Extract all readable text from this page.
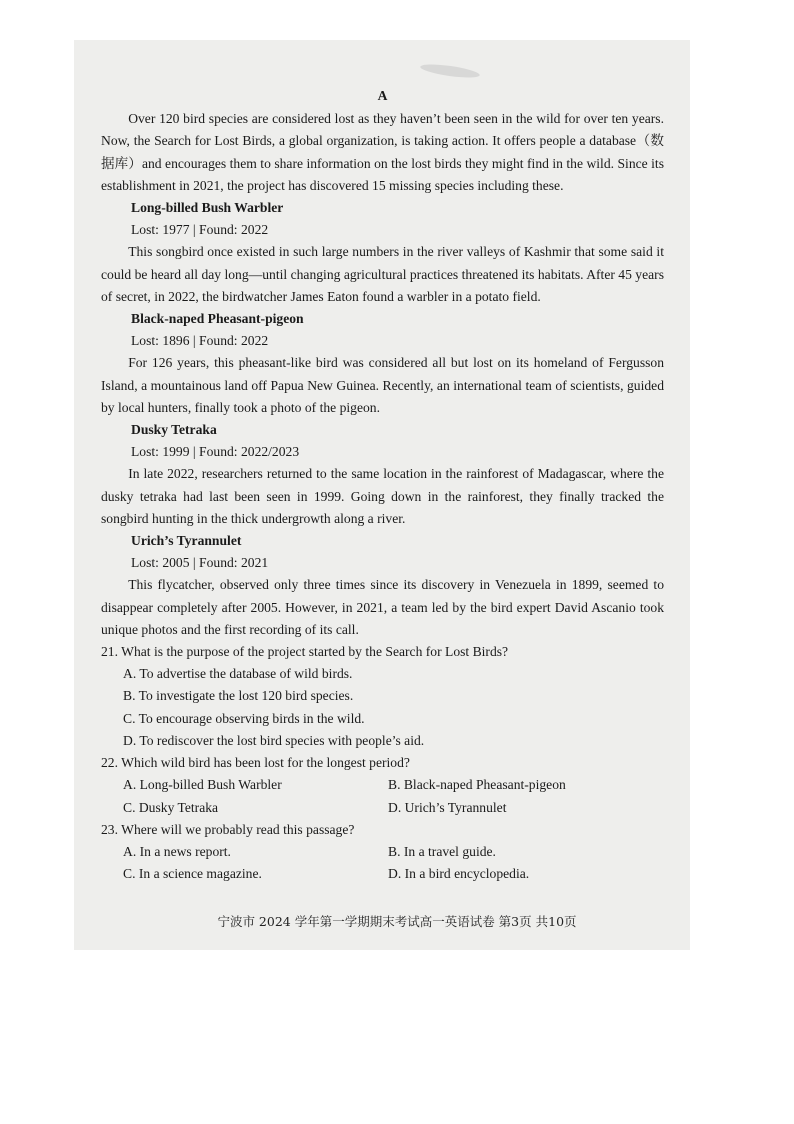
A

Over 120 bird species are considered lost as they haven’t been seen in the wild for over ten years. Now, the Search for Lost Birds, a global organization, is taking action. It offers people a database（数据库）and encourages them to share information on the lost birds they might find in the wild. Since its establishment in 2021, the project has discovered 15 missing species including these.

Long-billed Bush Warbler

Lost: 1977 | Found: 2022

This songbird once existed in such large numbers in the river valleys of Kashmir that some said it could be heard all day long—until changing agricultural practices threatened its habitats. After 45 years of secret, in 2022, the birdwatcher James Eaton found a warbler in a potato field.

Black-naped Pheasant-pigeon

Lost: 1896 | Found: 2022

For 126 years, this pheasant-like bird was considered all but lost on its homeland of Fergusson Island, a mountainous land off Papua New Guinea. Recently, an international team of scientists, guided by local hunters, finally took a photo of the pigeon.

Dusky Tetraka

Lost: 1999 | Found: 2022/2023

In late 2022, researchers returned to the same location in the rainforest of Madagascar, where the dusky tetraka had last been seen in 1999. Going down in the rainforest, they finally tracked the songbird hunting in the thick undergrowth along a river.

Urich’s Tyrannulet

Lost: 2005 | Found: 2021

This flycatcher, observed only three times since its discovery in Venezuela in 1899, seemed to disappear completely after 2005. However, in 2021, a team led by the bird expert David Ascanio took unique photos and the first recording of its call.

21. What is the purpose of the project started by the Search for Lost Birds?

A. To advertise the database of wild birds.

B. To investigate the lost 120 bird species.

C. To encourage observing birds in the wild.

D. To rediscover the lost bird species with people’s aid.

22. Which wild bird has been lost for the longest period?

A. Long-billed Bush Warbler	B. Black-naped Pheasant-pigeon
C. Dusky Tetraka	D. Urich’s Tyrannulet

23. Where will we probably read this passage?

A. In a news report.	B. In a travel guide.
C. In a science magazine.	D. In a bird encyclopedia.
宁波市 2024 学年第一学期期末考试高一英语试卷 第3页 共10页
